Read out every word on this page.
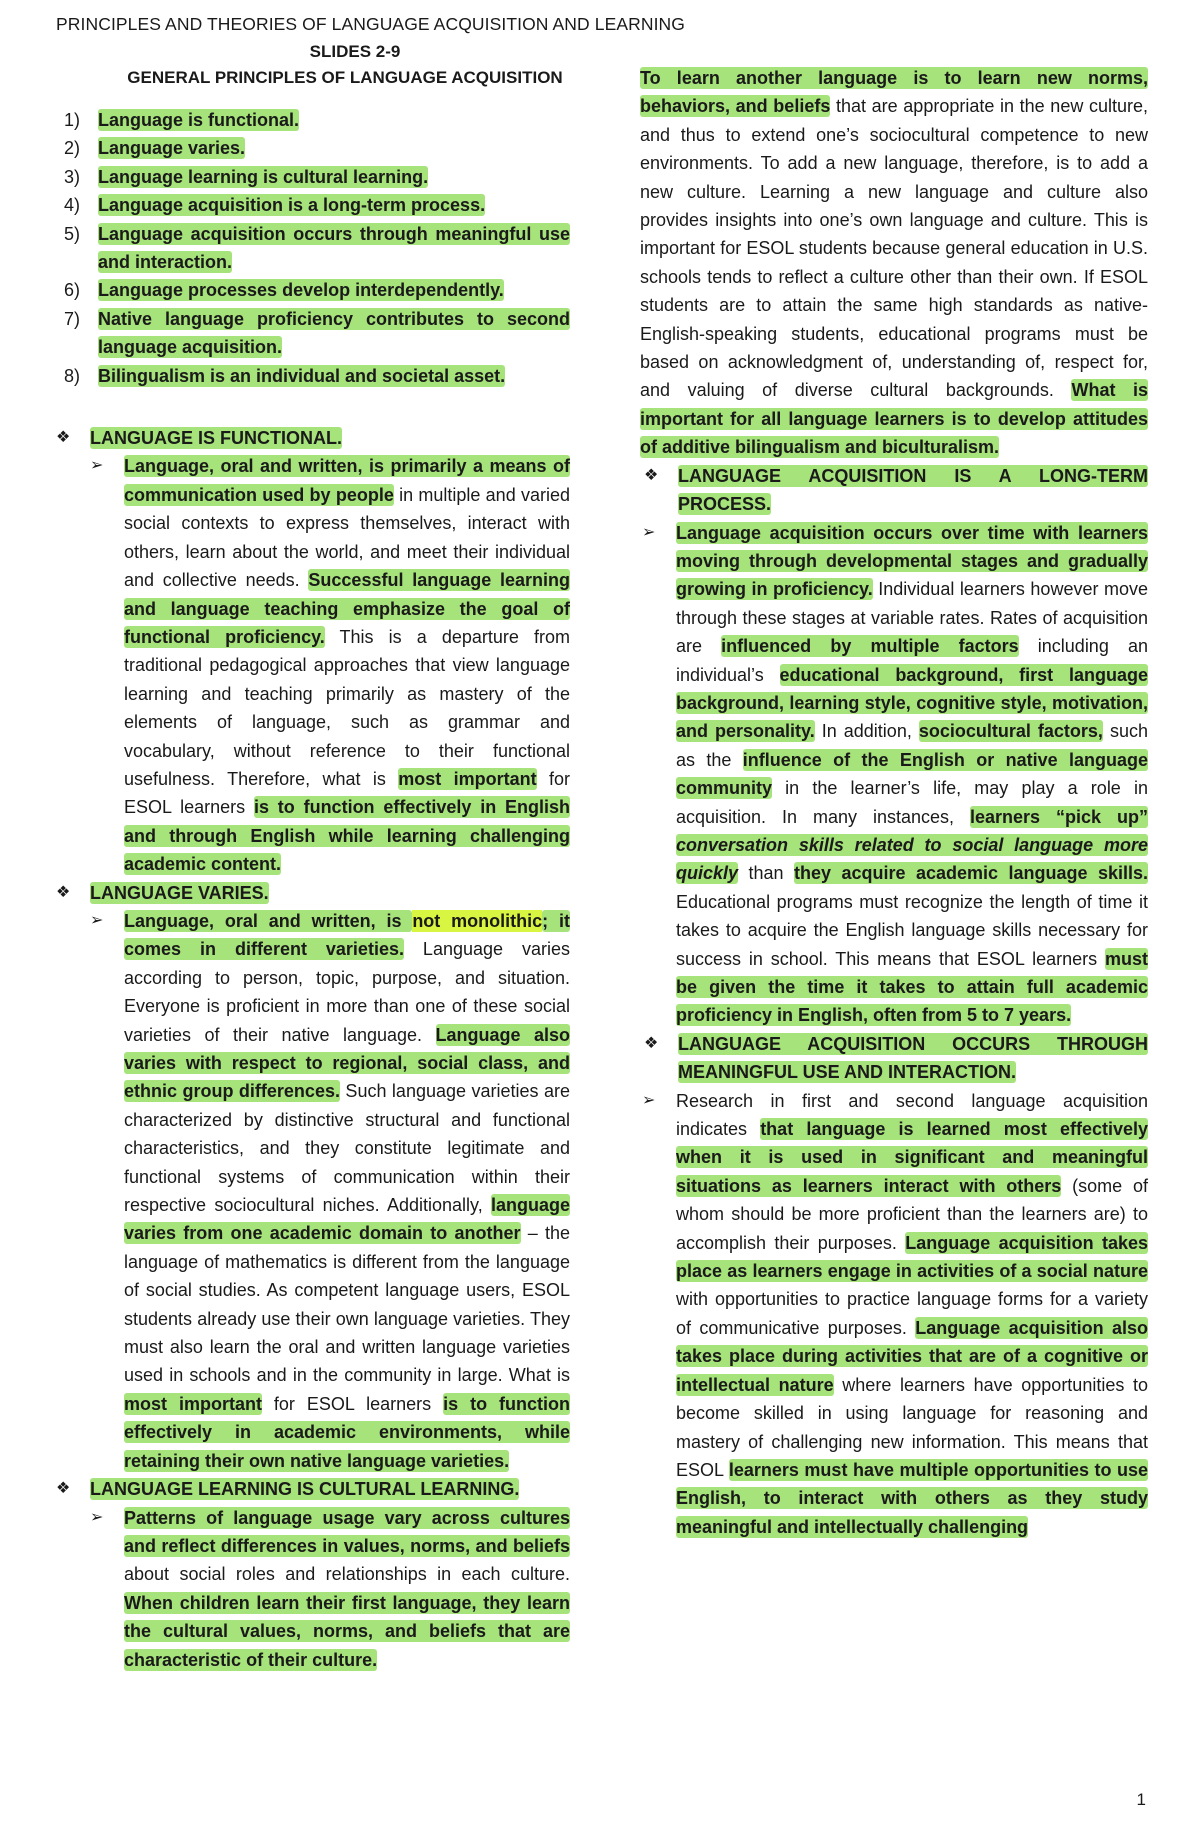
PRINCIPLES AND THEORIES OF LANGUAGE ACQUISITION AND LEARNING
SLIDES 2-9
GENERAL PRINCIPLES OF LANGUAGE ACQUISITION
1) Language is functional.
2) Language varies.
3) Language learning is cultural learning.
4) Language acquisition is a long-term process.
5) Language acquisition occurs through meaningful use and interaction.
6) Language processes develop interdependently.
7) Native language proficiency contributes to second language acquisition.
8) Bilingualism is an individual and societal asset.
❖ LANGUAGE IS FUNCTIONAL.
➢ Language, oral and written, is primarily a means of communication used by people in multiple and varied social contexts to express themselves, interact with others, learn about the world, and meet their individual and collective needs. Successful language learning and language teaching emphasize the goal of functional proficiency. This is a departure from traditional pedagogical approaches that view language learning and teaching primarily as mastery of the elements of language, such as grammar and vocabulary, without reference to their functional usefulness. Therefore, what is most important for ESOL learners is to function effectively in English and through English while learning challenging academic content.
❖ LANGUAGE VARIES.
➢ Language, oral and written, is not monolithic; it comes in different varieties. Language varies according to person, topic, purpose, and situation. Everyone is proficient in more than one of these social varieties of their native language. Language also varies with respect to regional, social class, and ethnic group differences. Such language varieties are characterized by distinctive structural and functional characteristics, and they constitute legitimate and functional systems of communication within their respective sociocultural niches. Additionally, language varies from one academic domain to another – the language of mathematics is different from the language of social studies. As competent language users, ESOL students already use their own language varieties. They must also learn the oral and written language varieties used in schools and in the community in large. What is most important for ESOL learners is to function effectively in academic environments, while retaining their own native language varieties.
❖ LANGUAGE LEARNING IS CULTURAL LEARNING.
➢ Patterns of language usage vary across cultures and reflect differences in values, norms, and beliefs about social roles and relationships in each culture. When children learn their first language, they learn the cultural values, norms, and beliefs that are characteristic of their culture.
To learn another language is to learn new norms, behaviors, and beliefs that are appropriate in the new culture, and thus to extend one’s sociocultural competence to new environments. To add a new language, therefore, is to add a new culture. Learning a new language and culture also provides insights into one’s own language and culture. This is important for ESOL students because general education in U.S. schools tends to reflect a culture other than their own. If ESOL students are to attain the same high standards as native-English-speaking students, educational programs must be based on acknowledgment of, understanding of, respect for, and valuing of diverse cultural backgrounds. What is important for all language learners is to develop attitudes of additive bilingualism and biculturalism.
❖ LANGUAGE ACQUISITION IS A LONG-TERM PROCESS.
➢ Language acquisition occurs over time with learners moving through developmental stages and gradually growing in proficiency. Individual learners however move through these stages at variable rates. Rates of acquisition are influenced by multiple factors including an individual’s educational background, first language background, learning style, cognitive style, motivation, and personality. In addition, sociocultural factors, such as the influence of the English or native language community in the learner’s life, may play a role in acquisition. In many instances, learners “pick up” conversation skills related to social language more quickly than they acquire academic language skills. Educational programs must recognize the length of time it takes to acquire the English language skills necessary for success in school. This means that ESOL learners must be given the time it takes to attain full academic proficiency in English, often from 5 to 7 years.
❖ LANGUAGE ACQUISITION OCCURS THROUGH MEANINGFUL USE AND INTERACTION.
➢ Research in first and second language acquisition indicates that language is learned most effectively when it is used in significant and meaningful situations as learners interact with others (some of whom should be more proficient than the learners are) to accomplish their purposes. Language acquisition takes place as learners engage in activities of a social nature with opportunities to practice language forms for a variety of communicative purposes. Language acquisition also takes place during activities that are of a cognitive or intellectual nature where learners have opportunities to become skilled in using language for reasoning and mastery of challenging new information. This means that ESOL learners must have multiple opportunities to use English, to interact with others as they study meaningful and intellectually challenging
1
